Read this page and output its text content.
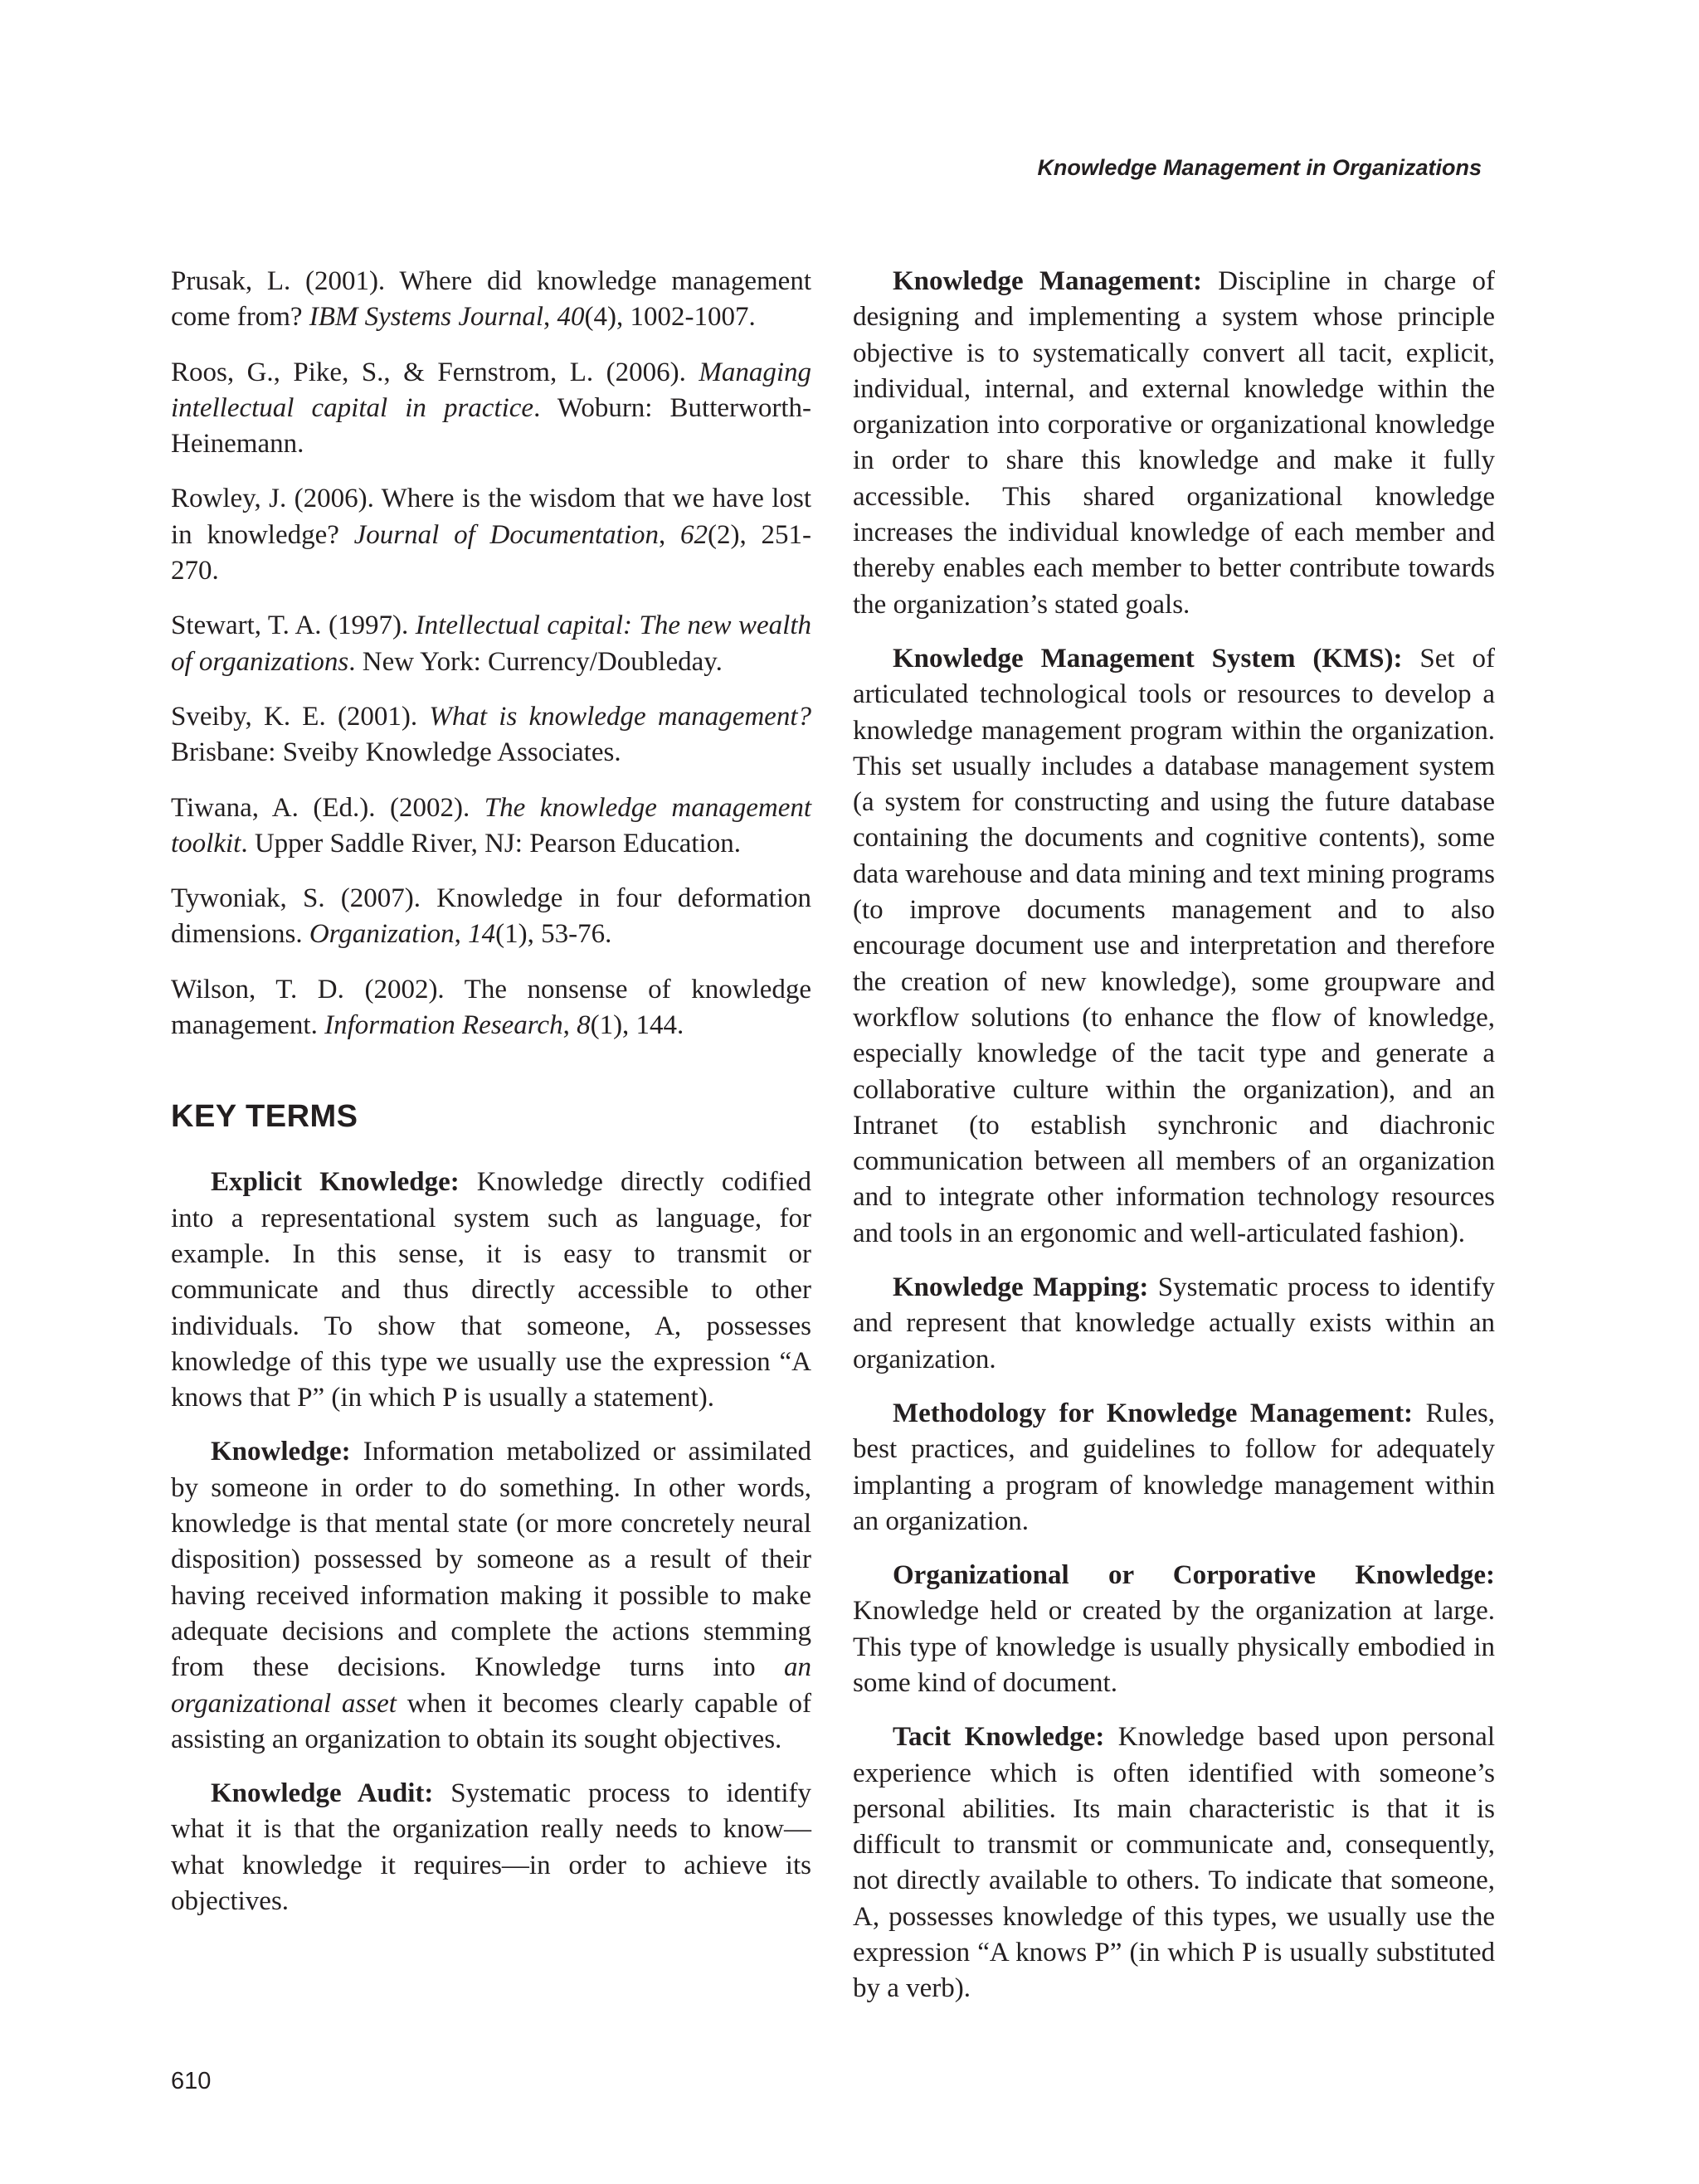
Knowledge Management in Organizations

Prusak, L. (2001). Where did knowledge management come from? IBM Systems Journal, 40(4), 1002-1007.

Roos, G., Pike, S., & Fernstrom, L. (2006). Managing intellectual capital in practice. Woburn: Butterworth-Heinemann.

Rowley, J. (2006). Where is the wisdom that we have lost in knowledge? Journal of Documentation, 62(2), 251-270.

Stewart, T. A. (1997). Intellectual capital: The new wealth of organizations. New York: Currency/Doubleday.

Sveiby, K. E. (2001). What is knowledge management? Brisbane: Sveiby Knowledge Associates.

Tiwana, A. (Ed.). (2002). The knowledge management toolkit. Upper Saddle River, NJ: Pearson Education.

Tywoniak, S. (2007). Knowledge in four deformation dimensions. Organization, 14(1), 53-76.

Wilson, T. D. (2002). The nonsense of knowledge management. Information Research, 8(1), 144.

KEY TERMS

Explicit Knowledge: Knowledge directly codified into a representational system such as language, for example. In this sense, it is easy to transmit or communicate and thus directly accessible to other individuals. To show that someone, A, possesses knowledge of this type we usually use the expression “A knows that P” (in which P is usually a statement).

Knowledge: Information metabolized or assimilated by someone in order to do something. In other words, knowledge is that mental state (or more concretely neural disposition) possessed by someone as a result of their having received information making it possible to make adequate decisions and complete the actions stemming from these decisions. Knowledge turns into an organizational asset when it becomes clearly capable of assisting an organization to obtain its sought objectives.

Knowledge Audit: Systematic process to identify what it is that the organization really needs to know—what knowledge it requires—in order to achieve its objectives.

Knowledge Management: Discipline in charge of designing and implementing a system whose principle objective is to systematically convert all tacit, explicit, individual, internal, and external knowledge within the organization into corporative or organizational knowledge in order to share this knowledge and make it fully accessible. This shared organizational knowledge increases the individual knowledge of each member and thereby enables each member to better contribute towards the organization’s stated goals.

Knowledge Management System (KMS): Set of articulated technological tools or resources to develop a knowledge management program within the organization. This set usually includes a database management system (a system for constructing and using the future database containing the documents and cognitive contents), some data warehouse and data mining and text mining programs (to improve documents management and to also encourage document use and interpretation and therefore the creation of new knowledge), some groupware and workflow solutions (to enhance the flow of knowledge, especially knowledge of the tacit type and generate a collaborative culture within the organization), and an Intranet (to establish synchronic and diachronic communication between all members of an organization and to integrate other information technology resources and tools in an ergonomic and well-articulated fashion).

Knowledge Mapping: Systematic process to identify and represent that knowledge actually exists within an organization.

Methodology for Knowledge Management: Rules, best practices, and guidelines to follow for adequately implanting a program of knowledge management within an organization.

Organizational or Corporative Knowledge: Knowledge held or created by the organization at large. This type of knowledge is usually physically embodied in some kind of document.

Tacit Knowledge: Knowledge based upon personal experience which is often identified with someone’s personal abilities. Its main characteristic is that it is difficult to transmit or communicate and, consequently, not directly available to others. To indicate that someone, A, possesses knowledge of this types, we usually use the expression “A knows P” (in which P is usually substituted by a verb).

610
